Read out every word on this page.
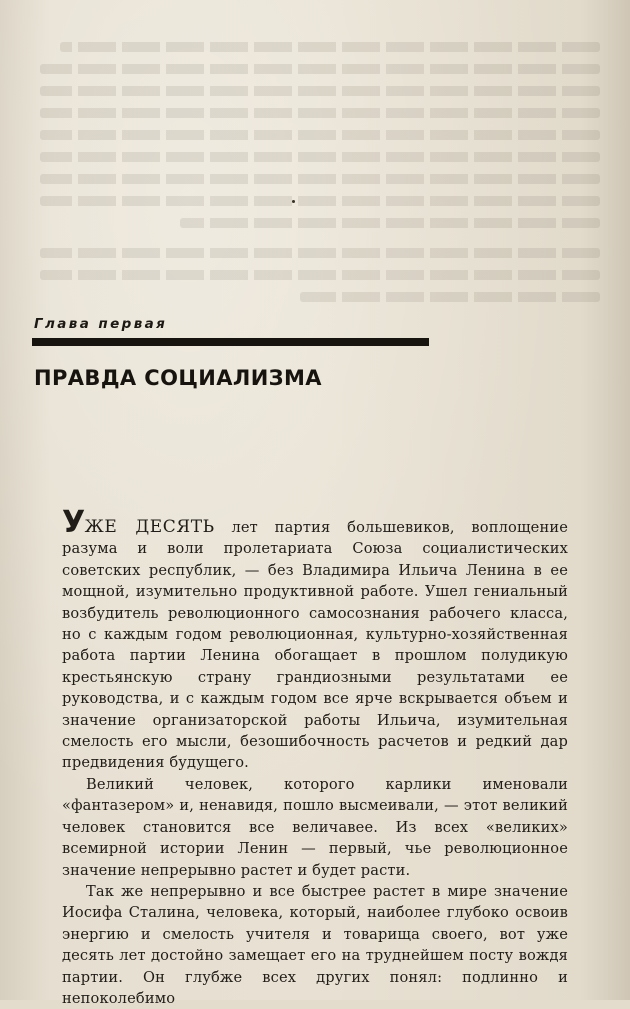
Глава первая
ПРАВДА СОЦИАЛИЗМА

УЖЕ ДЕСЯТЬ лет партия большевиков, воплощение разума и воли пролетариата Союза социалистических советских республик, — без Владимира Ильича Ленина в ее мощной, изумительно продуктивной работе. Ушел гениальный возбудитель революционного самосознания рабочего класса, но с каждым годом революционная, культурно-хозяйственная работа партии Ленина обогащает в прошлом полудикую крестьянскую страну грандиозными результатами ее руководства, и с каждым годом все ярче вскрывается объем и значение организаторской работы Ильича, изумительная смелость его мысли, безошибочность расчетов и редкий дар предвидения будущего.

Великий человек, которого карлики именовали «фантазером» и, ненавидя, пошло высмеивали, — этот великий человек становится все величавее. Из всех «великих» всемирной истории Ленин — первый, чье революционное значение непрерывно растет и будет расти.

Так же непрерывно и все быстрее растет в мире значение Иосифа Сталина, человека, который, наиболее глубоко освоив энергию и смелость учителя и товарища своего, вот уже десять лет достойно замещает его на труднейшем посту вождя партии. Он глубже всех других понял: подлинно и непоколебимо
